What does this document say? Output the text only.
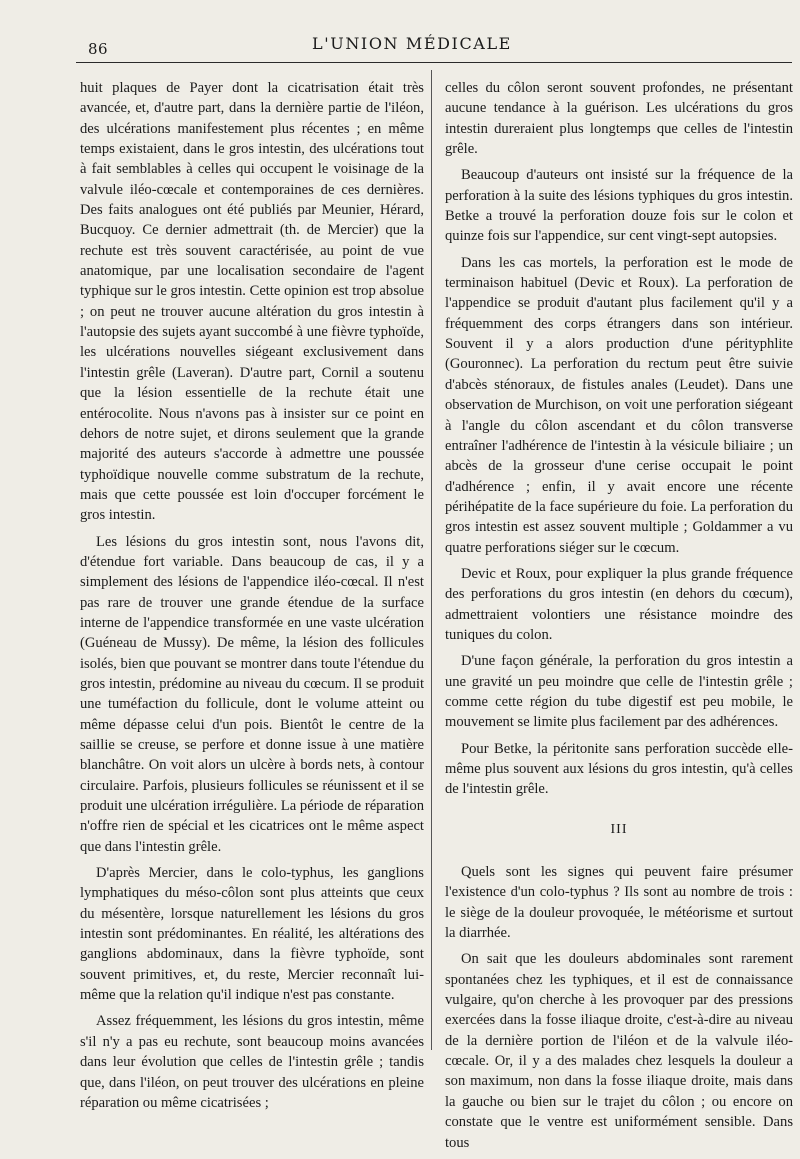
86	L'UNION MÉDICALE

huit plaques de Payer dont la cicatrisation était très avancée, et, d'autre part, dans la dernière partie de l'iléon, des ulcérations manifestement plus récentes ; en même temps existaient, dans le gros intestin, des ulcérations tout à fait semblables à celles qui occupent le voisinage de la valvule iléo-cœcale et contemporaines de ces dernières. Des faits analogues ont été publiés par Meunier, Hérard, Bucquoy. Ce dernier admettrait (th. de Mercier) que la rechute est très souvent caractérisée, au point de vue anatomique, par une localisation secondaire de l'agent typhique sur le gros intestin. Cette opinion est trop absolue ; on peut ne trouver aucune altération du gros intestin à l'autopsie des sujets ayant succombé à une fièvre typhoïde, les ulcérations nouvelles siégeant exclusivement dans l'intestin grêle (Laveran). D'autre part, Cornil a soutenu que la lésion essentielle de la rechute était une entérocolite. Nous n'avons pas à insister sur ce point en dehors de notre sujet, et dirons seulement que la grande majorité des auteurs s'accorde à admettre une poussée typhoïdique nouvelle comme substratum de la rechute, mais que cette poussée est loin d'occuper forcément le gros intestin.

Les lésions du gros intestin sont, nous l'avons dit, d'étendue fort variable. Dans beaucoup de cas, il y a simplement des lésions de l'appendice iléo-cœcal. Il n'est pas rare de trouver une grande étendue de la surface interne de l'appendice transformée en une vaste ulcération (Guéneau de Mussy). De même, la lésion des follicules isolés, bien que pouvant se montrer dans toute l'étendue du gros intestin, prédomine au niveau du cœcum. Il se produit une tuméfaction du follicule, dont le volume atteint ou même dépasse celui d'un pois. Bientôt le centre de la saillie se creuse, se perfore et donne issue à une matière blanchâtre. On voit alors un ulcère à bords nets, à contour circulaire. Parfois, plusieurs follicules se réunissent et il se produit une ulcération irrégulière. La période de réparation n'offre rien de spécial et les cicatrices ont le même aspect que dans l'intestin grêle.

D'après Mercier, dans le colo-typhus, les ganglions lymphatiques du méso-côlon sont plus atteints que ceux du mésentère, lorsque naturellement les lésions du gros intestin sont prédominantes. En réalité, les altérations des ganglions abdominaux, dans la fièvre typhoïde, sont souvent primitives, et, du reste, Mercier reconnaît lui-même que la relation qu'il indique n'est pas constante.

Assez fréquemment, les lésions du gros intestin, même s'il n'y a pas eu rechute, sont beaucoup moins avancées dans leur évolution que celles de l'intestin grêle ; tandis que, dans l'iléon, on peut trouver des ulcérations en pleine réparation ou même cicatrisées ;

celles du côlon seront souvent profondes, ne présentant aucune tendance à la guérison. Les ulcérations du gros intestin dureraient plus longtemps que celles de l'intestin grêle.

Beaucoup d'auteurs ont insisté sur la fréquence de la perforation à la suite des lésions typhiques du gros intestin. Betke a trouvé la perforation douze fois sur le colon et quinze fois sur l'appendice, sur cent vingt-sept autopsies.

Dans les cas mortels, la perforation est le mode de terminaison habituel (Devic et Roux). La perforation de l'appendice se produit d'autant plus facilement qu'il y a fréquemment des corps étrangers dans son intérieur. Souvent il y a alors production d'une pérityphlite (Gouronnec). La perforation du rectum peut être suivie d'abcès sténoraux, de fistules anales (Leudet). Dans une observation de Murchison, on voit une perforation siégeant à l'angle du côlon ascendant et du côlon transverse entraîner l'adhérence de l'intestin à la vésicule biliaire ; un abcès de la grosseur d'une cerise occupait le point d'adhérence ; enfin, il y avait encore une récente périhépatite de la face supérieure du foie. La perforation du gros intestin est assez souvent multiple ; Goldammer a vu quatre perforations siéger sur le cœcum.

Devic et Roux, pour expliquer la plus grande fréquence des perforations du gros intestin (en dehors du cœcum), admettraient volontiers une résistance moindre des tuniques du colon.

D'une façon générale, la perforation du gros intestin a une gravité un peu moindre que celle de l'intestin grêle ; comme cette région du tube digestif est peu mobile, le mouvement se limite plus facilement par des adhérences.

Pour Betke, la péritonite sans perforation succède elle-même plus souvent aux lésions du gros intestin, qu'à celles de l'intestin grêle.

III

Quels sont les signes qui peuvent faire présumer l'existence d'un colo-typhus ? Ils sont au nombre de trois : le siège de la douleur provoquée, le météorisme et surtout la diarrhée.

On sait que les douleurs abdominales sont rarement spontanées chez les typhiques, et il est de connaissance vulgaire, qu'on cherche à les provoquer par des pressions exercées dans la fosse iliaque droite, c'est-à-dire au niveau de la dernière portion de l'iléon et de la valvule iléo-cœcale. Or, il y a des malades chez lesquels la douleur a son maximum, non dans la fosse iliaque droite, mais dans la gauche ou bien sur le trajet du côlon ; ou encore on constate que le ventre est uniformément sensible. Dans tous
